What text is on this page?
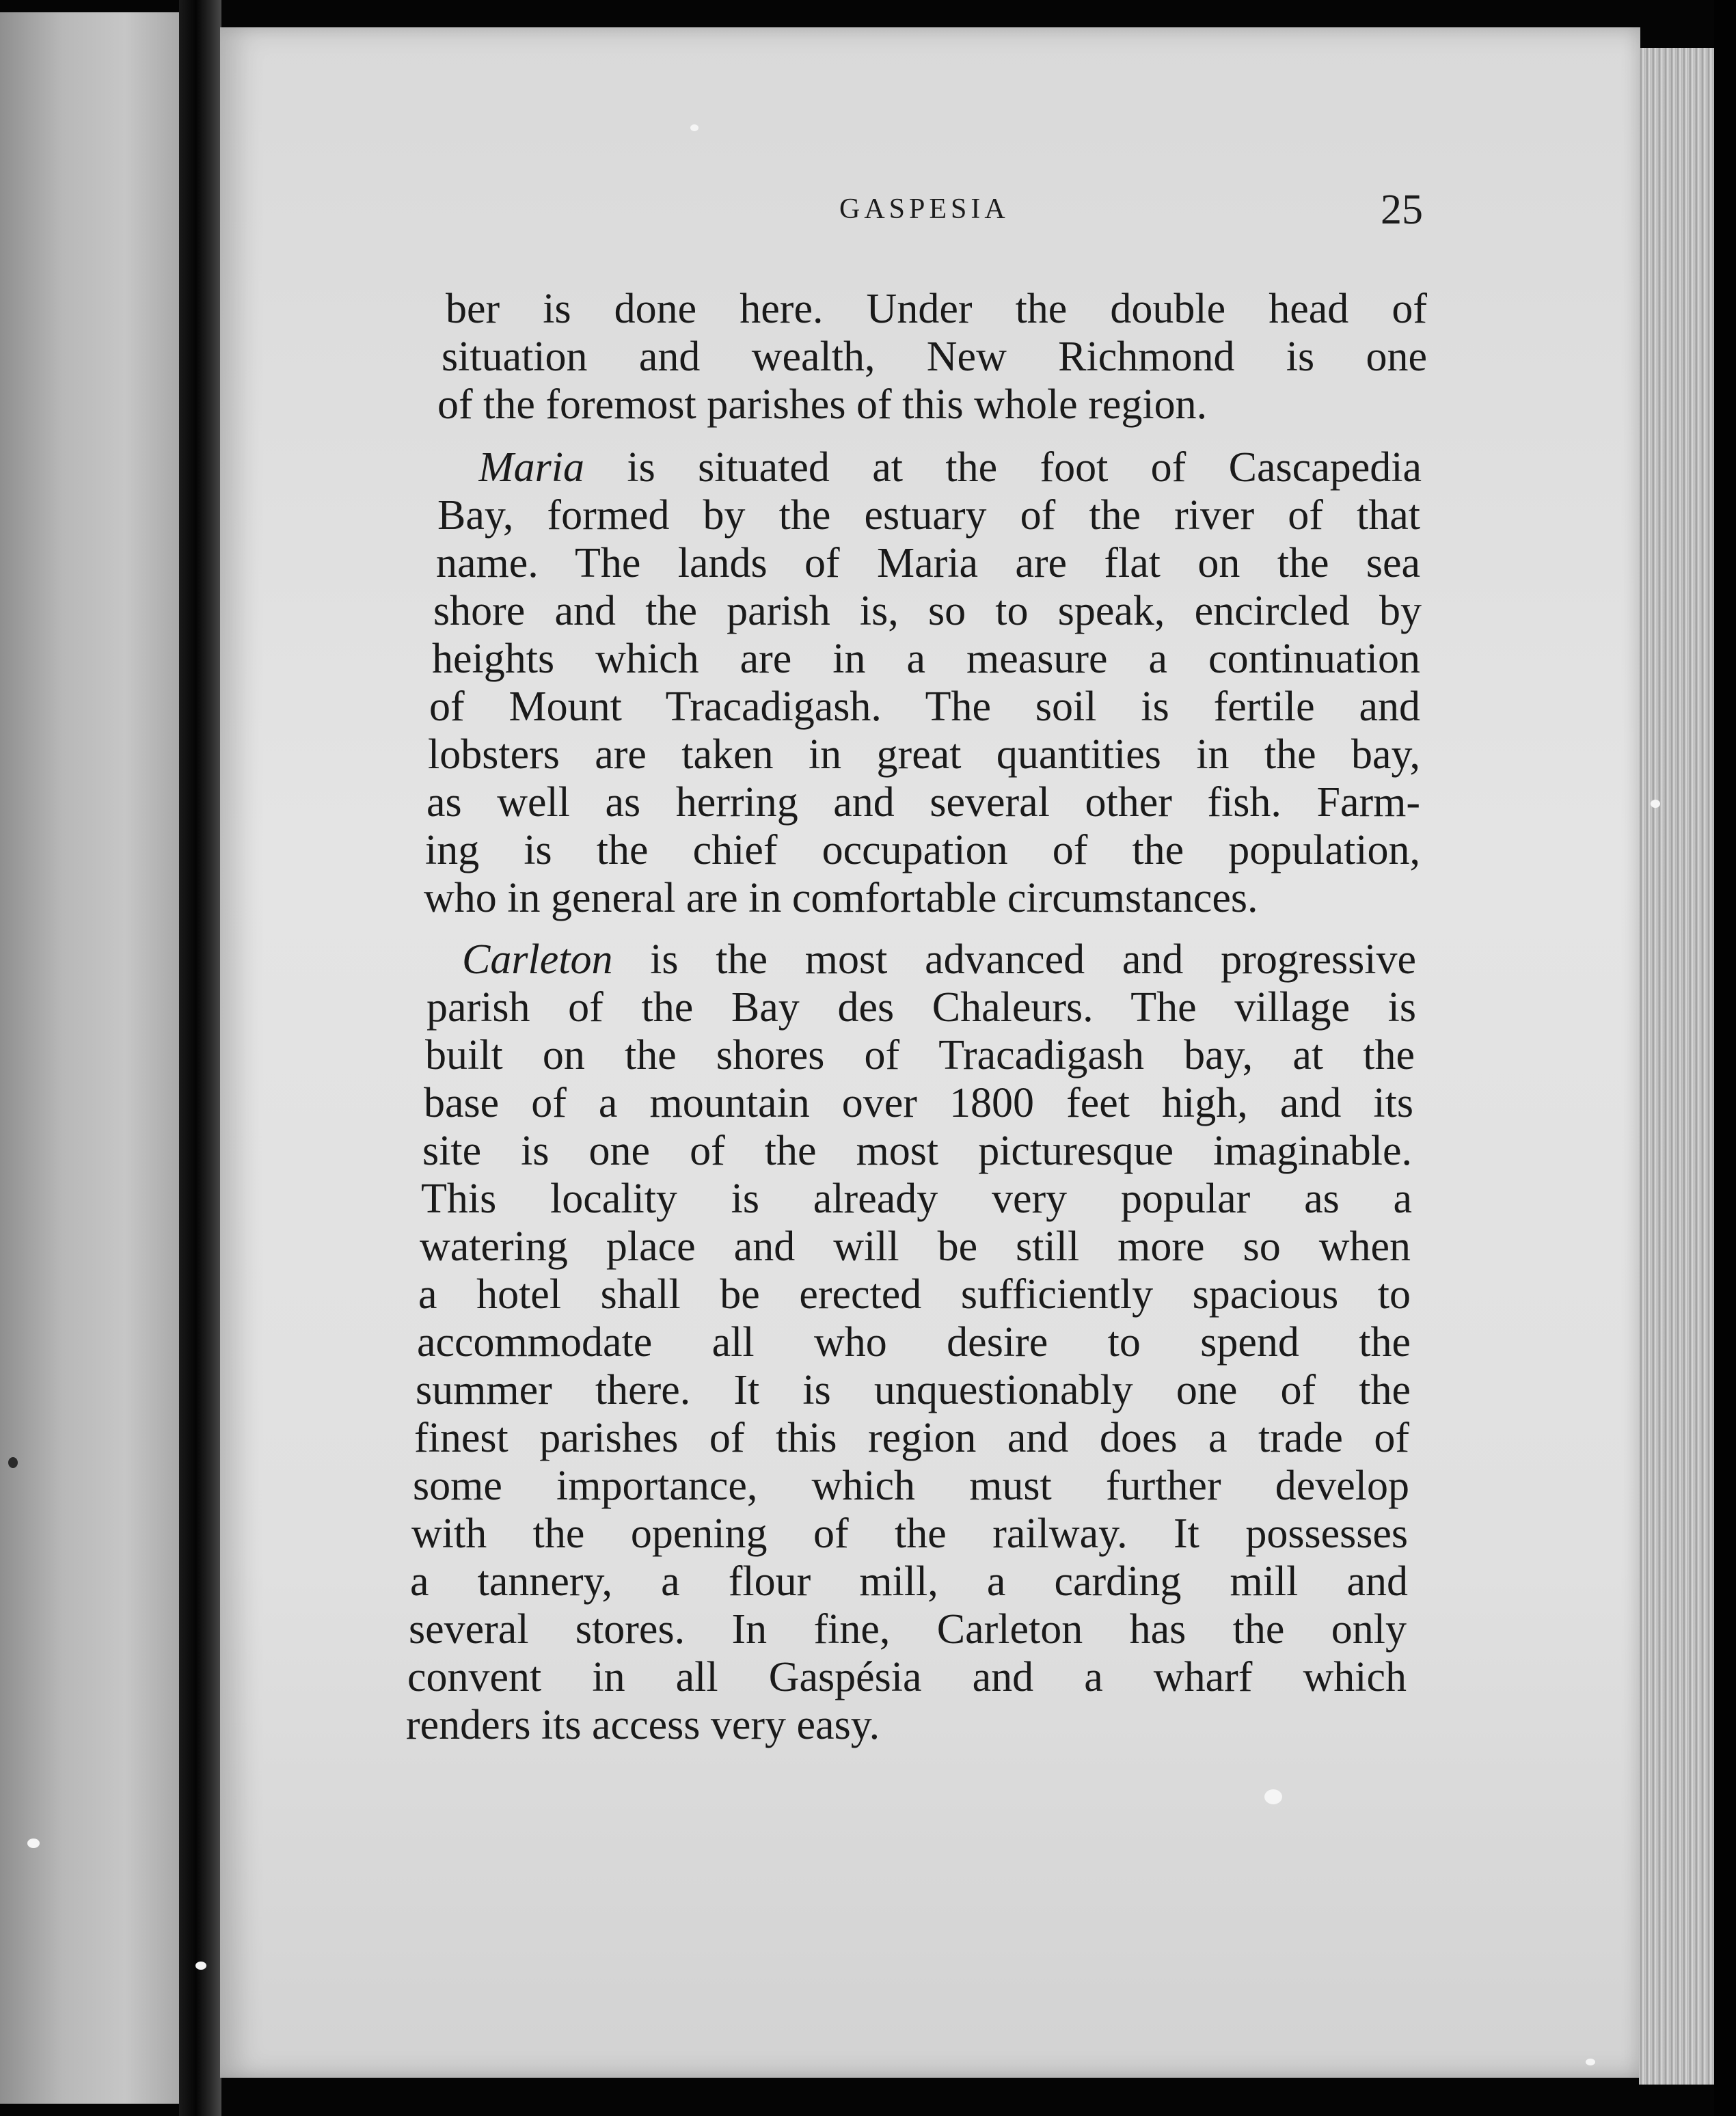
GASPESIA	25
ber is done here. Under the double head of
situation and wealth, New Richmond is one
of the foremost parishes of this whole region.
Maria is situated at the foot of Cascapedia
Bay, formed by the estuary of the river of that
name. The lands of Maria are flat on the sea
shore and the parish is, so to speak, encircled by
heights which are in a measure a continuation
of Mount Tracadigash. The soil is fertile and
lobsters are taken in great quantities in the bay,
as well as herring and several other fish. Farm-
ing is the chief occupation of the population,
who in general are in comfortable circumstances.
Carleton is the most advanced and progressive
parish of the Bay des Chaleurs. The village is
built on the shores of Tracadigash bay, at the
base of a mountain over 1800 feet high, and its
site is one of the most picturesque imaginable.
This locality is already very popular as a
watering place and will be still more so when
a hotel shall be erected sufficiently spacious to
accommodate all who desire to spend the
summer there. It is unquestionably one of the
finest parishes of this region and does a trade of
some importance, which must further develop
with the opening of the railway. It possesses
a tannery, a flour mill, a carding mill and
several stores. In fine, Carleton has the only
convent in all Gaspésia and a wharf which
renders its access very easy.
